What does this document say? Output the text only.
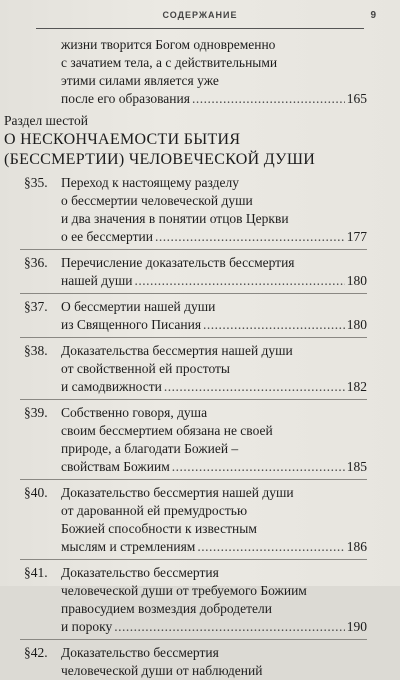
СОДЕРЖАНИЕ	9
жизни творится Богом одновременно
с зачатием тела, а с действительными
этими силами является уже
после его образования .....	165
Раздел шестой
О НЕСКОНЧАЕМОСТИ БЫТИЯ
(БЕССМЕРТИИ) ЧЕЛОВЕЧЕСКОЙ ДУШИ
§35. Переход к настоящему разделу
о бессмертии человеческой души
и два значения в понятии отцов Церкви
о ее бессмертии .....	177
§36. Перечисление доказательств бессмертия
нашей души .....	180
§37. О бессмертии нашей души
из Священного Писания .....	180
§38. Доказательства бессмертия нашей души
от свойственной ей простоты
и самодвижности .....	182
§39. Собственно говоря, душа
своим бессмертием обязана не своей
природе, а благодати Божией –
свойствам Божиим .....	185
§40. Доказательство бессмертия нашей души
от дарованной ей премудростью
Божией способности к известным
мыслям и стремлениям .....	186
§41. Доказательство бессмертия
человеческой души от требуемого Божиим
правосудием возмездия добродетели
и пороку .....	190
§42. Доказательство бессмертия
человеческой души от наблюдений
